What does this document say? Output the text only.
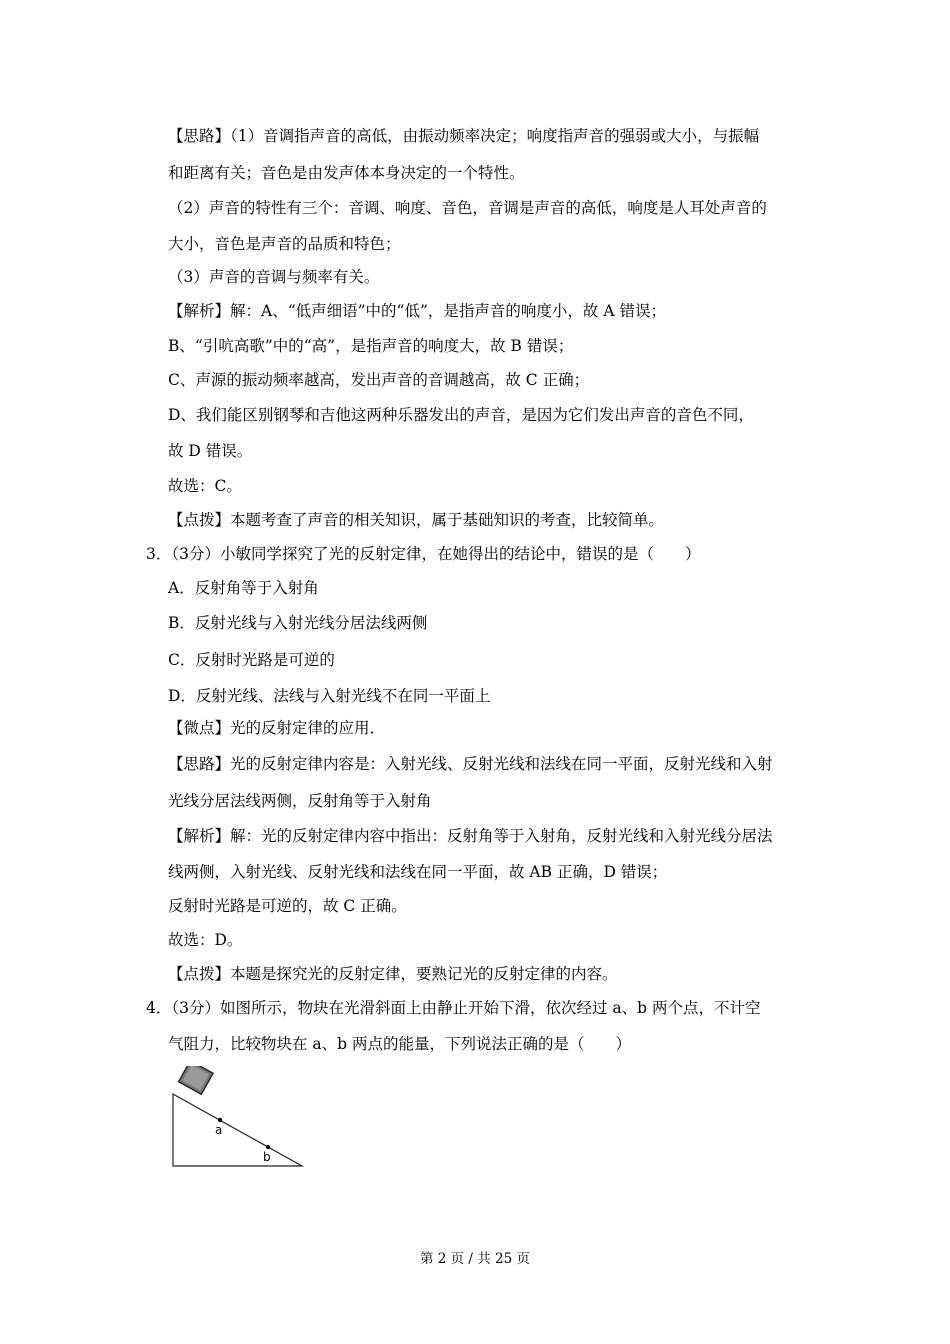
【思路】（1）音调指声音的高低，由振动频率决定；响度指声音的强弱或大小，与振幅
和距离有关；音色是由发声体本身决定的一个特性。
（2）声音的特性有三个：音调、响度、音色，音调是声音的高低，响度是人耳处声音的
大小，音色是声音的品质和特色；
（3）声音的音调与频率有关。
【解析】解：A、“低声细语”中的“低”，是指声音的响度小，故 A 错误；
B、“引吭高歌”中的“高”，是指声音的响度大，故 B 错误；
C、声源的振动频率越高，发出声音的音调越高，故 C 正确；
D、我们能区别钢琴和吉他这两种乐器发出的声音，是因为它们发出声音的音色不同，
故 D 错误。
故选：C。
【点拨】本题考查了声音的相关知识，属于基础知识的考查，比较简单。
3．（3分）小敏同学探究了光的反射定律，在她得出的结论中，错误的是（　　）
A．反射角等于入射角
B．反射光线与入射光线分居法线两侧
C．反射时光路是可逆的
D．反射光线、法线与入射光线不在同一平面上
【微点】光的反射定律的应用．
【思路】光的反射定律内容是：入射光线、反射光线和法线在同一平面，反射光线和入射
光线分居法线两侧，反射角等于入射角
【解析】解：光的反射定律内容中指出：反射角等于入射角，反射光线和入射光线分居法
线两侧，入射光线、反射光线和法线在同一平面，故 AB 正确，D 错误；
反射时光路是可逆的，故 C 正确。
故选：D。
【点拨】本题是探究光的反射定律，要熟记光的反射定律的内容。
4．（3分）如图所示，物块在光滑斜面上由静止开始下滑，依次经过 a、b 两个点，不计空
气阻力，比较物块在 a、b 两点的能量，下列说法正确的是（　　）
a
b
第 2 页 / 共 25 页
